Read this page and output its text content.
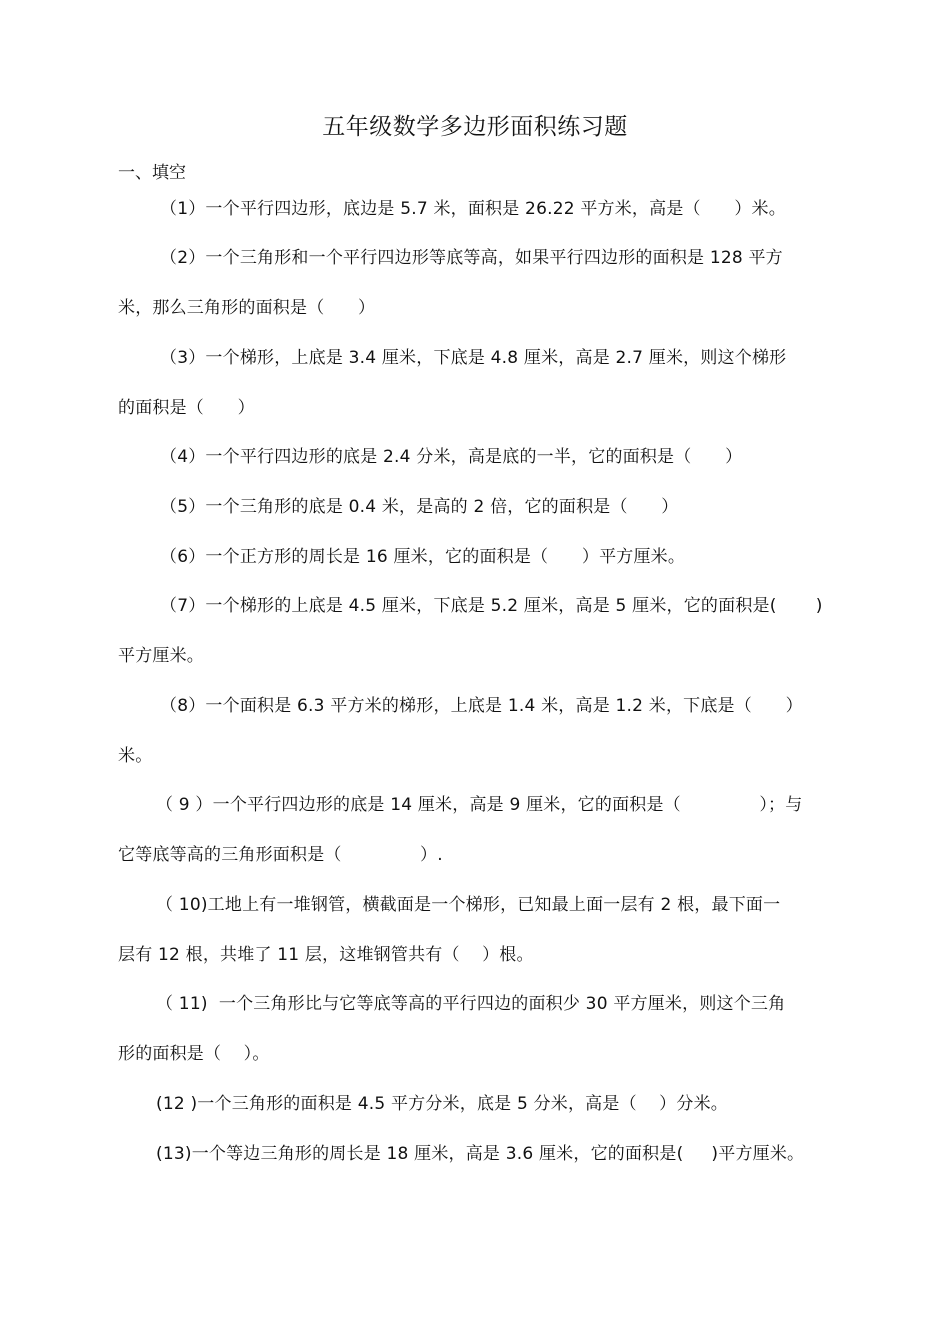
五年级数学多边形面积练习题
一、填空
（1）一个平行四边形，底边是 5.7 米，面积是 26.22 平方米，高是（      ）米。
（2）一个三角形和一个平行四边形等底等高，如果平行四边形的面积是 128 平方
米，那么三角形的面积是（      ）
（3）一个梯形，上底是 3.4 厘米，下底是 4.8 厘米，高是 2.7 厘米，则这个梯形
的面积是（      ）
（4）一个平行四边形的底是 2.4 分米，高是底的一半，它的面积是（      ）
（5）一个三角形的底是 0.4 米，是高的 2 倍，它的面积是（      ）
（6）一个正方形的周长是 16 厘米，它的面积是（      ）平方厘米。
（7）一个梯形的上底是 4.5 厘米，下底是 5.2 厘米，高是 5 厘米，它的面积是(       )
平方厘米。
（8）一个面积是 6.3 平方米的梯形，上底是 1.4 米，高是 1.2 米，下底是（      ）
米。
（ 9 ）一个平行四边形的底是 14 厘米，高是 9 厘米，它的面积是（              ）；与
它等底等高的三角形面积是（              ）.
（ 10)工地上有一堆钢管，横截面是一个梯形，已知最上面一层有 2 根，最下面一
层有 12 根，共堆了 11 层，这堆钢管共有（    ）根。
（ 11)  一个三角形比与它等底等高的平行四边的面积少 30 平方厘米，则这个三角
形的面积是（    ）。
(12 )一个三角形的面积是 4.5 平方分米，底是 5 分米，高是（    ）分米。
(13)一个等边三角形的周长是 18 厘米，高是 3.6 厘米，它的面积是(     )平方厘米。
